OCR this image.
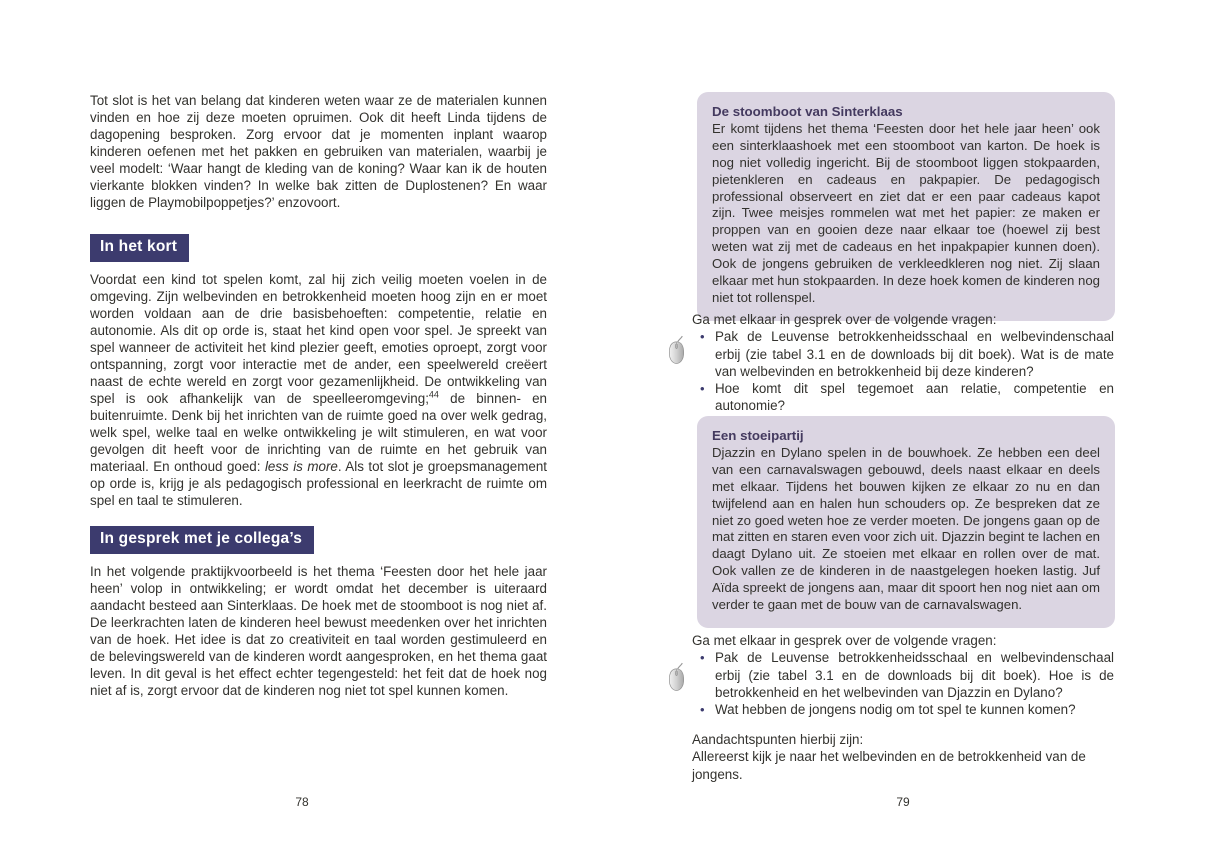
Tot slot is het van belang dat kinderen weten waar ze de materialen kunnen vinden en hoe zij deze moeten opruimen. Ook dit heeft Linda tijdens de dagopening besproken. Zorg ervoor dat je momenten inplant waarop kinderen oefenen met het pakken en gebruiken van materialen, waarbij je veel modelt: ‘Waar hangt de kleding van de koning? Waar kan ik de houten vierkante blokken vinden? In welke bak zitten de Duplostenen? En waar liggen de Playmobilpoppetjes?’ enzovoort.

In het kort

Voordat een kind tot spelen komt, zal hij zich veilig moeten voelen in de omgeving. Zijn welbevinden en betrokkenheid moeten hoog zijn en er moet worden voldaan aan de drie basisbehoeften: competentie, relatie en autonomie. Als dit op orde is, staat het kind open voor spel. Je spreekt van spel wanneer de activiteit het kind plezier geeft, emoties oproept, zorgt voor ontspanning, zorgt voor interactie met de ander, een speelwereld creëert naast de echte wereld en zorgt voor gezamenlijkheid. De ontwikkeling van spel is ook afhankelijk van de speelleeromgeving;$^{44}$ de binnen- en buitenruimte. Denk bij het inrichten van de ruimte goed na over welk gedrag, welk spel, welke taal en welke ontwikkeling je wilt stimuleren, en wat voor gevolgen dit heeft voor de inrichting van de ruimte en het gebruik van materiaal. En onthoud goed: less is more. Als tot slot je groepsmanagement op orde is, krijg je als pedagogisch professional en leerkracht de ruimte om spel en taal te stimuleren.

In gesprek met je collega’s

In het volgende praktijkvoorbeeld is het thema ‘Feesten door het hele jaar heen’ volop in ontwikkeling; er wordt omdat het december is uiteraard aandacht besteed aan Sinterklaas. De hoek met de stoomboot is nog niet af. De leerkrachten laten de kinderen heel bewust meedenken over het inrichten van de hoek. Het idee is dat zo creativiteit en taal worden gestimuleerd en de belevingswereld van de kinderen wordt aangesproken, en het thema gaat leven. In dit geval is het effect echter tegengesteld: het feit dat de hoek nog niet af is, zorgt ervoor dat de kinderen nog niet tot spel kunnen komen.

78

De stoomboot van Sinterklaas

Er komt tijdens het thema ‘Feesten door het hele jaar heen’ ook een sinterklaashoek met een stoomboot van karton. De hoek is nog niet volledig ingericht. Bij de stoomboot liggen stokpaarden, pietenkleren en cadeaus en pakpapier. De pedagogisch professional observeert en ziet dat er een paar cadeaus kapot zijn. Twee meisjes rommelen wat met het papier: ze maken er proppen van en gooien deze naar elkaar toe (hoewel zij best weten wat zij met de cadeaus en het inpakpapier kunnen doen). Ook de jongens gebruiken de verkleedkleren nog niet. Zij slaan elkaar met hun stokpaarden. In deze hoek komen de kinderen nog niet tot rollenspel.

Ga met elkaar in gesprek over de volgende vragen:

• Pak de Leuvense betrokkenheidsschaal en welbevindenschaal erbij (zie tabel 3.1 en de downloads bij dit boek). Wat is de mate van welbevinden en betrokkenheid bij deze kinderen?
• Hoe komt dit spel tegemoet aan relatie, competentie en autonomie?

Een stoeipartij

Djazzin en Dylano spelen in de bouwhoek. Ze hebben een deel van een carnavalswagen gebouwd, deels naast elkaar en deels met elkaar. Tijdens het bouwen kijken ze elkaar zo nu en dan twijfelend aan en halen hun schouders op. Ze bespreken dat ze niet zo goed weten hoe ze verder moeten. De jongens gaan op de mat zitten en staren even voor zich uit. Djazzin begint te lachen en daagt Dylano uit. Ze stoeien met elkaar en rollen over de mat. Ook vallen ze de kinderen in de naastgelegen hoeken lastig. Juf Aïda spreekt de jongens aan, maar dit spoort hen nog niet aan om verder te gaan met de bouw van de carnavalswagen.

Ga met elkaar in gesprek over de volgende vragen:

• Pak de Leuvense betrokkenheidsschaal en welbevindenschaal erbij (zie tabel 3.1 en de downloads bij dit boek). Hoe is de betrokkenheid en het welbevinden van Djazzin en Dylano?
• Wat hebben de jongens nodig om tot spel te kunnen komen?

Aandachtspunten hierbij zijn:

Allereerst kijk je naar het welbevinden en de betrokkenheid van de jongens.

79
